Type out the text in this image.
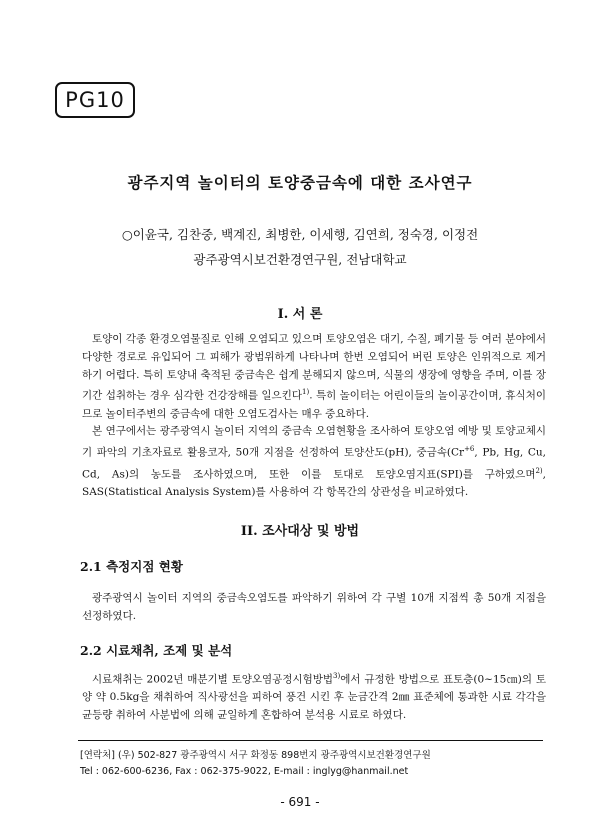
PG10
광주지역 놀이터의 토양중금속에 대한 조사연구
○이윤국, 김찬중, 백계진, 최병한, 이세행, 김연희, 정숙경, 이정전
광주광역시보건환경연구원, 전남대학교
I. 서 론

토양이 각종 환경오염물질로 인해 오염되고 있으며 토양오염은 대기, 수질, 폐기물 등 여러 분야에서 다양한 경로로 유입되어 그 피해가 광범위하게 나타나며 한번 오염되어 버린 토양은 인위적으로 제거하기 어렵다. 특히 토양내 축적된 중금속은 쉽게 분해되지 않으며, 식물의 생장에 영향을 주며, 이를 장기간 섭취하는 경우 심각한 건강장해를 일으킨다$^{1)}$. 특히 놀이터는 어린이들의 놀이공간이며, 휴식처이므로 놀이터주변의 중금속에 대한 오염도검사는 매우 중요하다.

본 연구에서는 광주광역시 놀이터 지역의 중금속 오염현황을 조사하여 토양오염 예방 및 토양교체시기 파악의 기초자료로 활용코자, 50개 지점을 선정하여 토양산도(pH), 중금속($Cr^{+6}$, Pb, Hg, Cu, Cd, As)의 농도를 조사하였으며, 또한 이를 토대로 토양오염지표(SPI)를 구하였으며$^{2)}$, SAS(Statistical Analysis System)를 사용하여 각 항목간의 상관성을 비교하였다.

II. 조사대상 및 방법
2.1 측정지점 현황

광주광역시 놀이터 지역의 중금속오염도를 파악하기 위하여 각 구별 10개 지점씩 총 50개 지점을 선정하였다.

2.2 시료채취, 조제 및 분석

시료채취는 2002년 매분기별 토양오염공정시험방법$^{3)}$에서 규정한 방법으로 표토층(0~15㎝)의 토양 약 0.5kg을 채취하여 직사광선을 피하여 풍건 시킨 후 눈금간격 2㎜ 표준체에 통과한 시료 각각을 균등량 취하여 사분법에 의해 균일하게 혼합하여 분석용 시료로 하였다.

[연락처] (우) 502-827 광주광역시 서구 화정동 898번지 광주광역시보건환경연구원
Tel : 062-600-6236, Fax : 062-375-9022, E-mail : inglyg@hanmail.net
- 691 -
